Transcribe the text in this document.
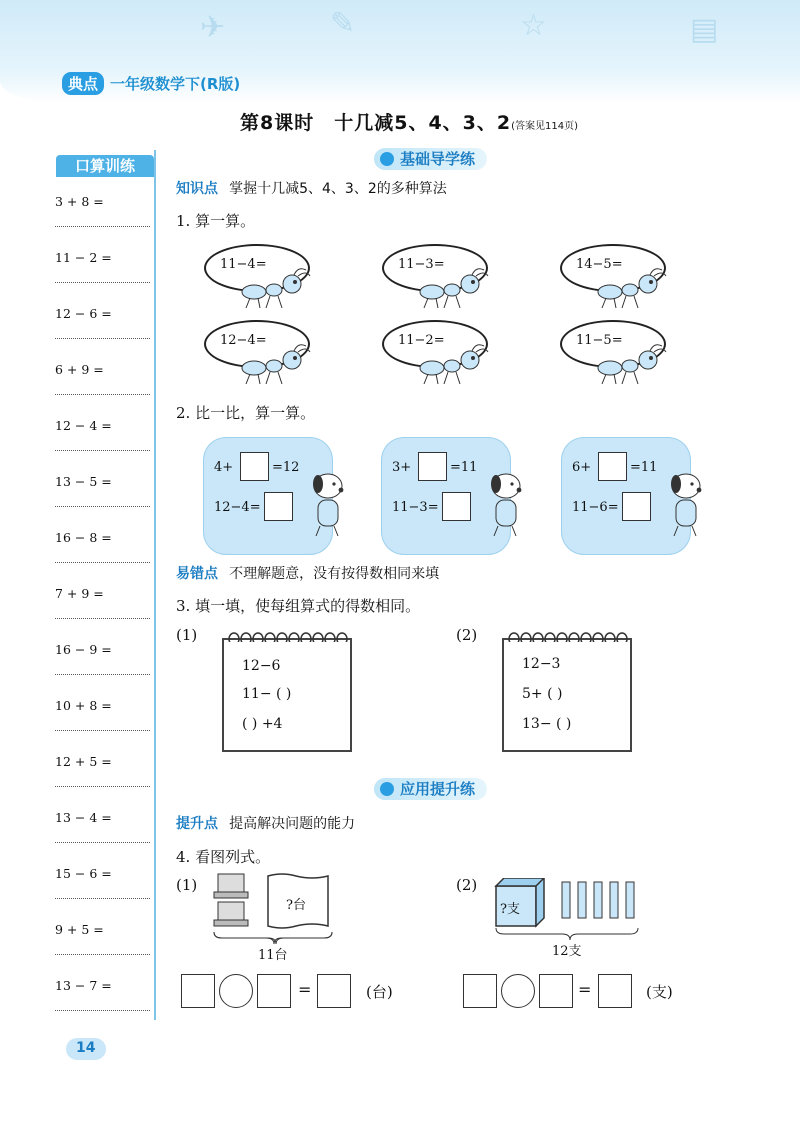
✈	✎	☆	▤
典点 一年级数学下(R版)
第8课时　十几减5、4、3、2(答案见114页)
口算训练
3 + 8 =
11 − 2 =
12 − 6 =
6 + 9 =
12 − 4 =
13 − 5 =
16 − 8 =
7 + 9 =
16 − 9 =
10 + 8 =
12 + 5 =
13 − 4 =
15 − 6 =
9 + 5 =
13 − 7 =
基础导学练
知识点 掌握十几减5、4、3、2的多种算法
1. 算一算。
11−4=	11−3=	14−5=
12−4=	11−2=	11−5=
2. 比一比，算一算。
4+	=12
12−4=
3+	=11
11−3=
6+	=11
11−6=
易错点 不理解题意，没有按得数相同来填
3. 填一填，使每组算式的得数相同。
(1)
12−6
11− ( )
( ) +4
(2)
12−3
5+ ( )
13− ( )
应用提升练
提升点 提高解决问题的能力
4. 看图列式。
(1)
?台
11台
=	(台)
(2)
?支
12支
=	(支)
14
